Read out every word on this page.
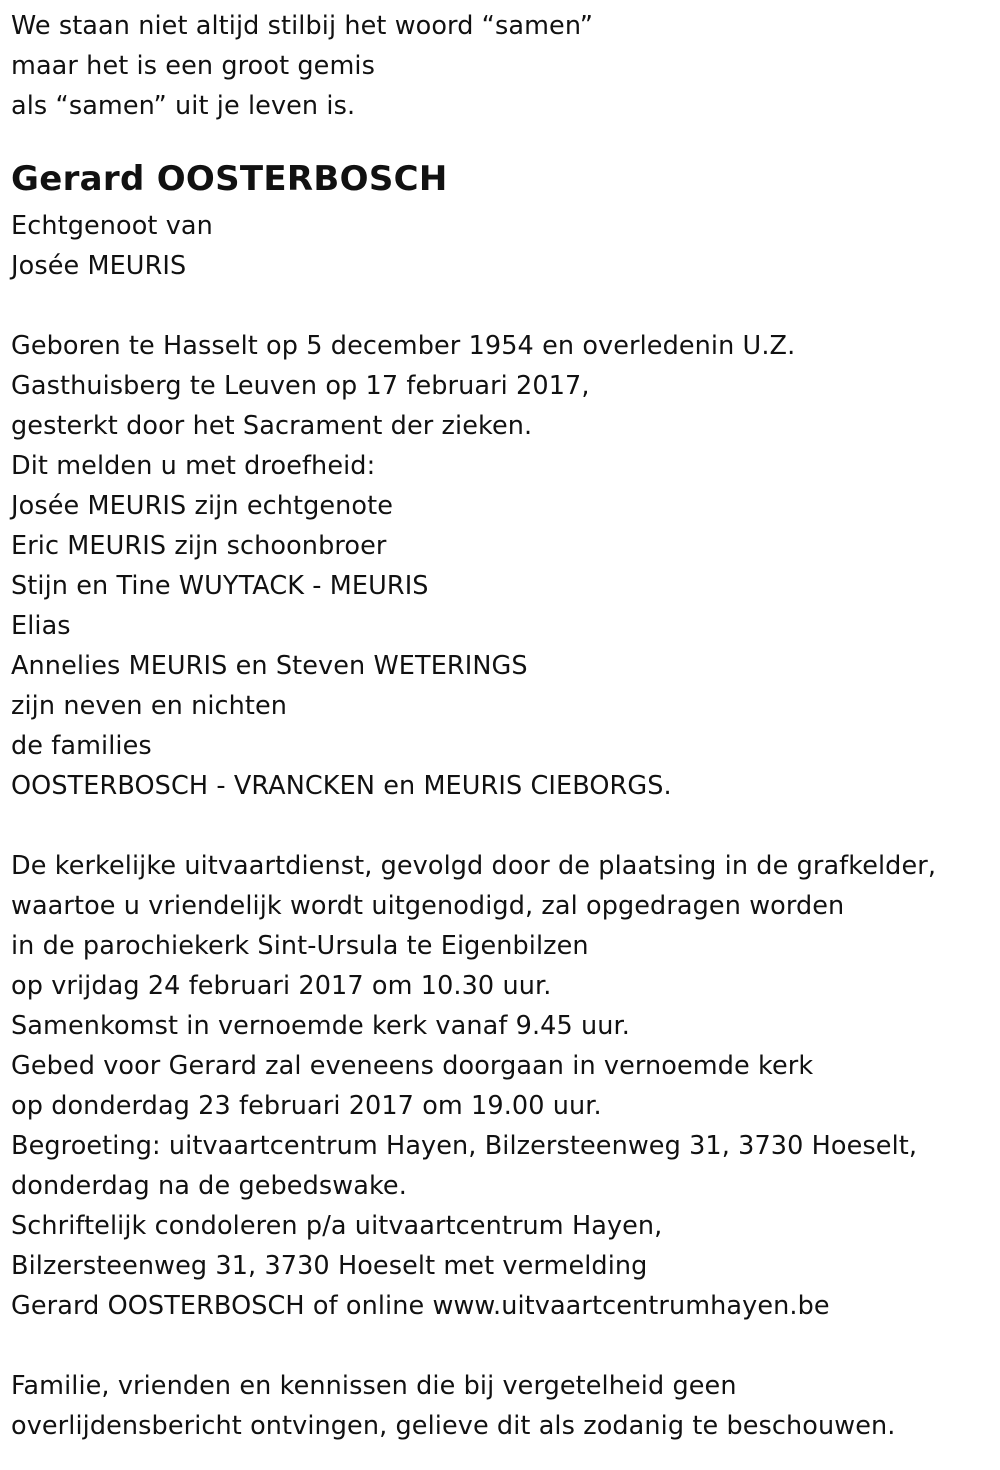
We staan niet altijd stilbij het woord “samen”
maar het is een groot gemis
als “samen” uit je leven is.
Gerard OOSTERBOSCH
Echtgenoot van
Josée MEURIS
Geboren te Hasselt op 5 december 1954 en overledenin U.Z.
Gasthuisberg te Leuven op 17 februari 2017,
gesterkt door het Sacrament der zieken.
Dit melden u met droefheid:
Josée MEURIS zijn echtgenote
Eric MEURIS zijn schoonbroer
Stijn en Tine WUYTACK - MEURIS
Elias
Annelies MEURIS en Steven WETERINGS
zijn neven en nichten
de families
OOSTERBOSCH - VRANCKEN en MEURIS CIEBORGS.
De kerkelijke uitvaartdienst, gevolgd door de plaatsing in de grafkelder,
waartoe u vriendelijk wordt uitgenodigd, zal opgedragen worden
in de parochiekerk Sint-Ursula te Eigenbilzen
op vrijdag 24 februari 2017 om 10.30 uur.
Samenkomst in vernoemde kerk vanaf 9.45 uur.
Gebed voor Gerard zal eveneens doorgaan in vernoemde kerk
op donderdag 23 februari 2017 om 19.00 uur.
Begroeting: uitvaartcentrum Hayen, Bilzersteenweg 31, 3730 Hoeselt,
donderdag na de gebedswake.
Schriftelijk condoleren p/a uitvaartcentrum Hayen,
Bilzersteenweg 31, 3730 Hoeselt met vermelding
Gerard OOSTERBOSCH of online www.uitvaartcentrumhayen.be
Familie, vrienden en kennissen die bij vergetelheid geen
overlijdensbericht ontvingen, gelieve dit als zodanig te beschouwen.
